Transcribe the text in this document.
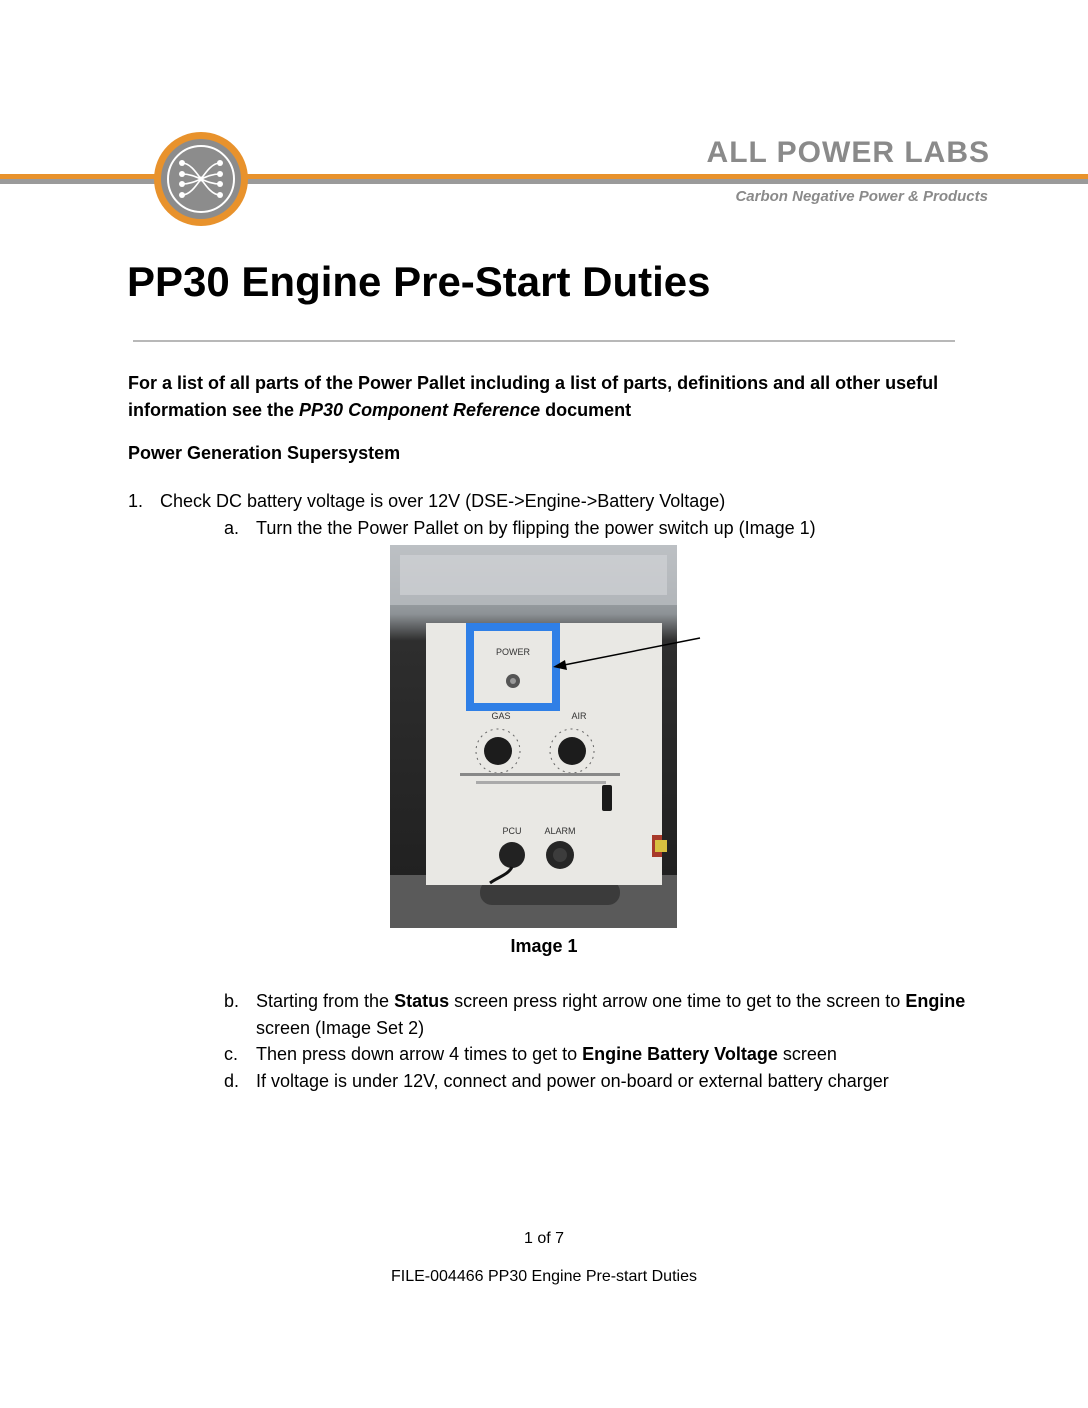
ALL POWER LABS
Carbon Negative Power & Products
PP30 Engine Pre-Start Duties
For a list of all parts of the Power Pallet including a list of parts, definitions and all other useful information see the PP30 Component Reference document
Power Generation Supersystem
1. Check DC battery voltage is over 12V (DSE->Engine->Battery Voltage)
a. Turn the the Power Pallet on by flipping the power switch up (Image 1)
POWER
GAS	AIR
PCU	ALARM
Image 1
b. Starting from the Status screen press right arrow one time to get to the screen to Engine screen (Image Set 2)
c. Then press down arrow 4 times to get to Engine Battery Voltage screen
d. If voltage is under 12V, connect and power on-board or external battery charger
1 of 7
FILE-004466 PP30 Engine Pre-start Duties
